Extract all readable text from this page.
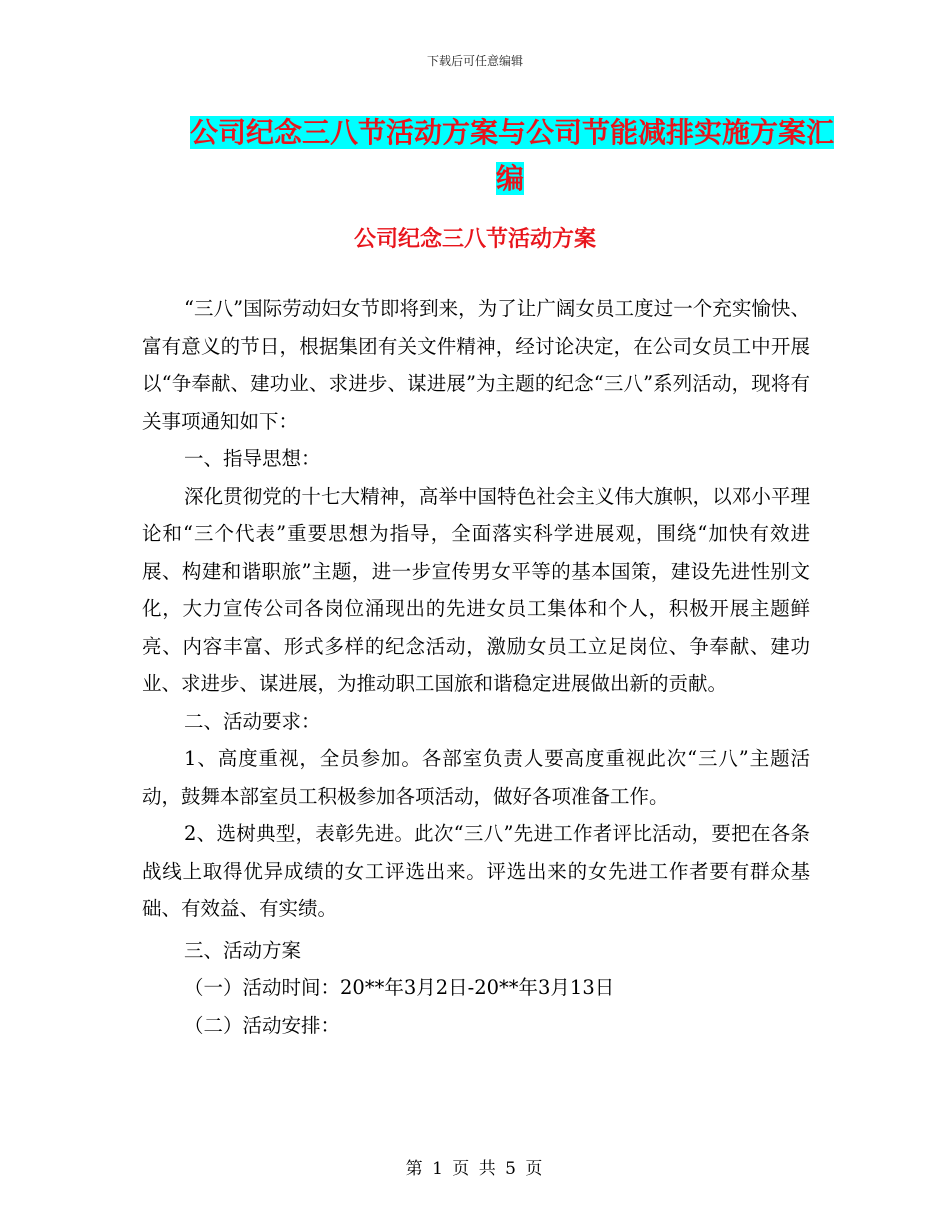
下载后可任意编辑
公司纪念三八节活动方案与公司节能减排实施方案汇
编
公司纪念三八节活动方案

“三八”国际劳动妇女节即将到来，为了让广阔女员工度过一个充实愉快、富有意义的节日，根据集团有关文件精神，经讨论决定，在公司女员工中开展以“争奉献、建功业、求进步、谋进展”为主题的纪念“三八”系列活动，现将有关事项通知如下：

一、指导思想：

深化贯彻党的十七大精神，高举中国特色社会主义伟大旗帜，以邓小平理论和“三个代表”重要思想为指导，全面落实科学进展观，围绕“加快有效进展、构建和谐职旅”主题，进一步宣传男女平等的基本国策，建设先进性别文化，大力宣传公司各岗位涌现出的先进女员工集体和个人，积极开展主题鲜亮、内容丰富、形式多样的纪念活动，激励女员工立足岗位、争奉献、建功业、求进步、谋进展，为推动职工国旅和谐稳定进展做出新的贡献。

二、活动要求：

1、高度重视，全员参加。各部室负责人要高度重视此次“三八”主题活动，鼓舞本部室员工积极参加各项活动，做好各项准备工作。

2、选树典型，表彰先进。此次“三八”先进工作者评比活动，要把在各条战线上取得优异成绩的女工评选出来。评选出来的女先进工作者要有群众基础、有效益、有实绩。

三、活动方案

（一）活动时间：20**年3月2日-20**年3月13日

（二）活动安排：

第 1 页 共 5 页
